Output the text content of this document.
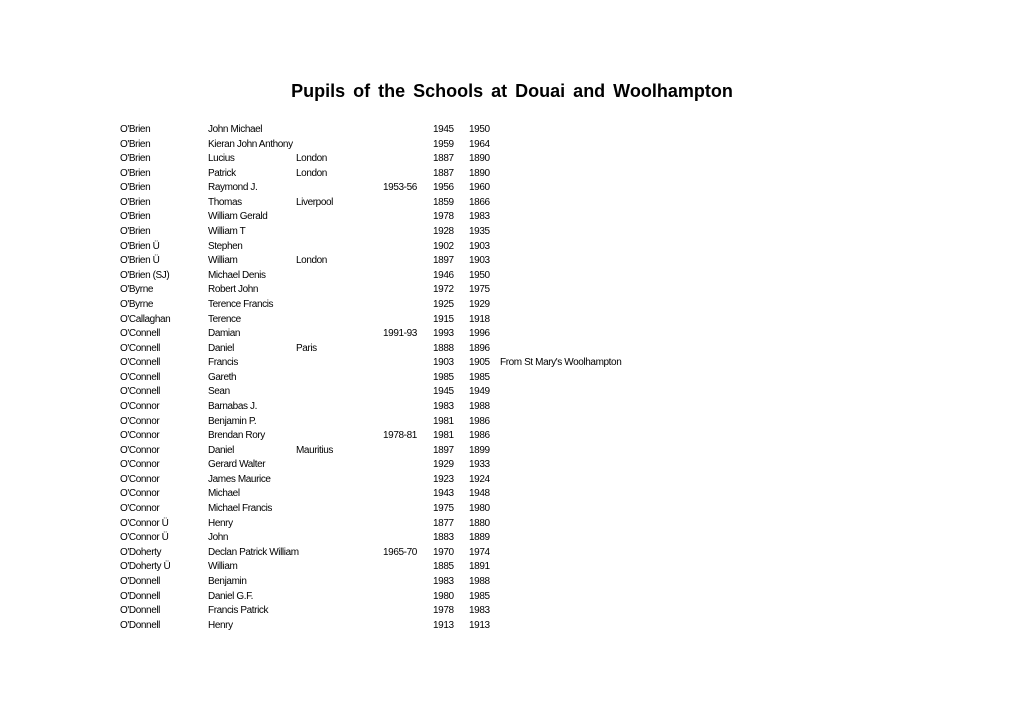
Pupils of the Schools at Douai and Woolhampton
O'Brien	John Michael	1945 1950
O'Brien	Kieran John Anthony	1959 1964
O'Brien	Lucius	London	1887 1890
O'Brien	Patrick	London	1887 1890
O'Brien	Raymond J.	1953-56 1956 1960
O'Brien	Thomas	Liverpool	1859 1866
O'Brien	William Gerald	1978 1983
O'Brien	William T	1928 1935
O'Brien Ü	Stephen	1902 1903
O'Brien Ü	William	London	1897 1903
O'Brien (SJ)	Michael Denis	1946 1950
O'Byrne	Robert John	1972 1975
O'Byrne	Terence Francis	1925 1929
O'Callaghan	Terence	1915 1918
O'Connell	Damian	1991-93 1993 1996
O'Connell	Daniel	Paris	1888 1896
O'Connell	Francis	1903 1905 From St Mary's Woolhampton
O'Connell	Gareth	1985 1985
O'Connell	Sean	1945 1949
O'Connor	Barnabas J.	1983 1988
O'Connor	Benjamin P.	1981 1986
O'Connor	Brendan Rory	1978-81 1981 1986
O'Connor	Daniel	Mauritius	1897 1899
O'Connor	Gerard Walter	1929 1933
O'Connor	James Maurice	1923 1924
O'Connor	Michael	1943 1948
O'Connor	Michael Francis	1975 1980
O'Connor Ü	Henry	1877 1880
O'Connor Ü	John	1883 1889
O'Doherty	Declan Patrick William	1965-70 1970 1974
O'Doherty Ü	William	1885 1891
O'Donnell	Benjamin	1983 1988
O'Donnell	Daniel G.F.	1980 1985
O'Donnell	Francis Patrick	1978 1983
O'Donnell	Henry	1913 1913
